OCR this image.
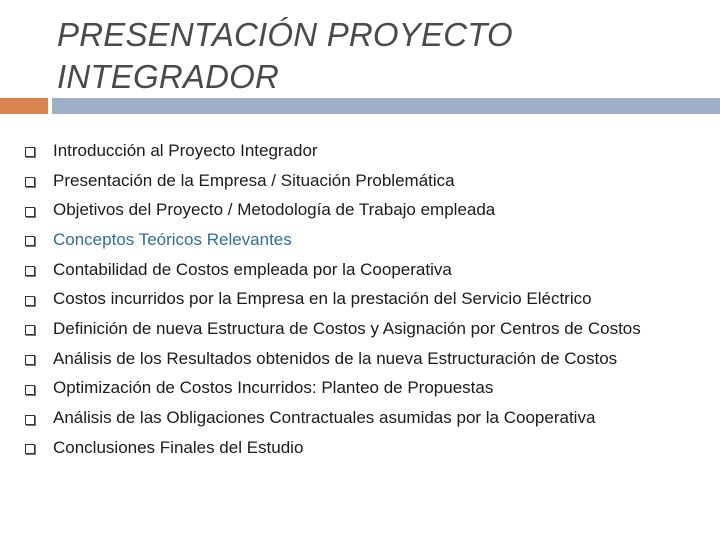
PRESENTACIÓN PROYECTO
INTEGRADOR
Introducción al Proyecto Integrador
Presentación de la Empresa / Situación Problemática
Objetivos del Proyecto / Metodología de Trabajo empleada
Conceptos Teóricos Relevantes
Contabilidad de Costos empleada por la Cooperativa
Costos incurridos por la Empresa en la prestación del Servicio Eléctrico
Definición de nueva Estructura de Costos y Asignación por Centros de Costos
Análisis de los Resultados obtenidos de la nueva Estructuración de Costos
Optimización de Costos Incurridos: Planteo de Propuestas
Análisis de las Obligaciones Contractuales asumidas por la Cooperativa
Conclusiones Finales del Estudio
